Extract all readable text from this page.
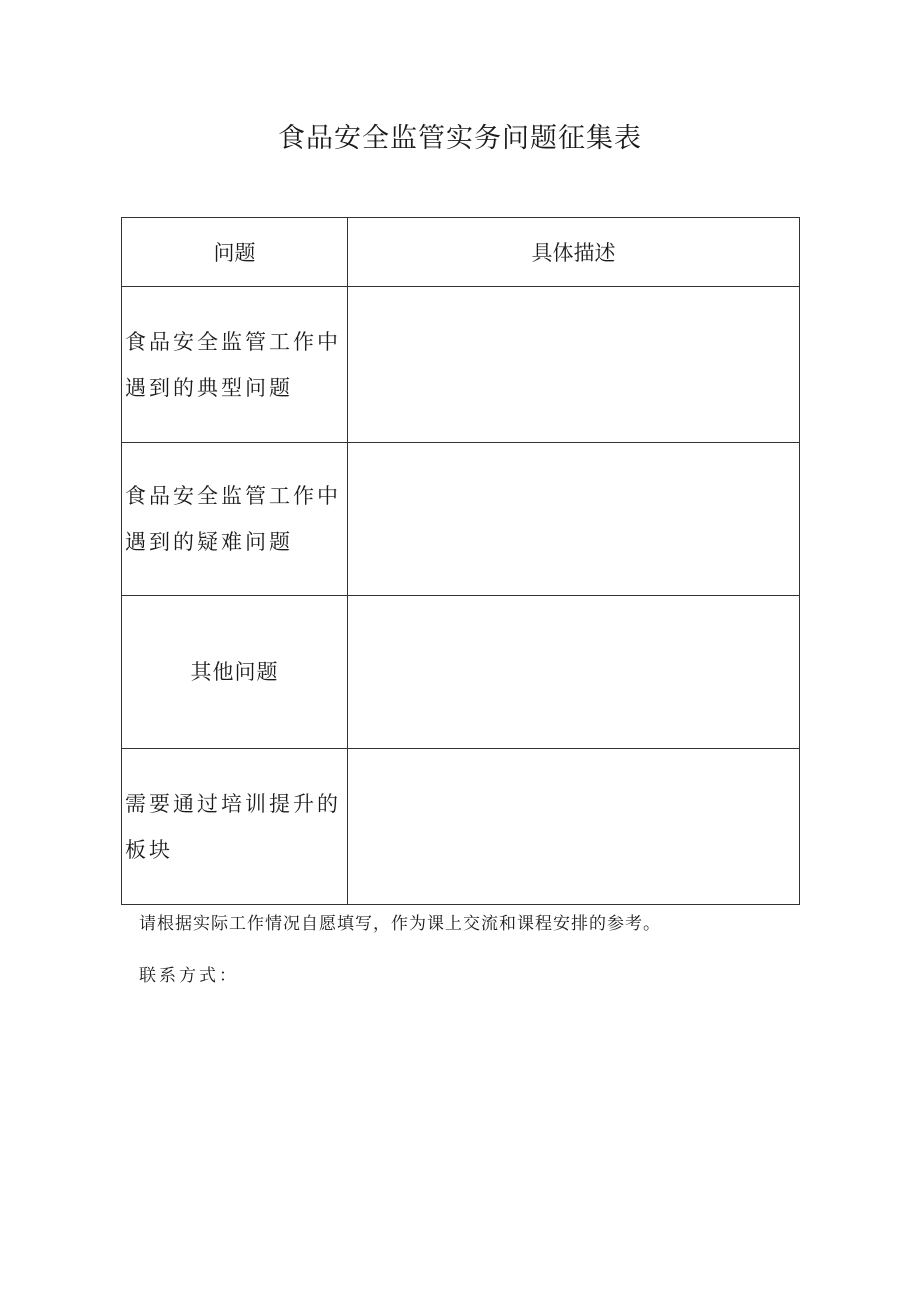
食品安全监管实务问题征集表
问题	具体描述
食品安全监管工作中遇到的典型问题	
食品安全监管工作中遇到的疑难问题	
其他问题	
需要通过培训提升的板块	

请根据实际工作情况自愿填写，作为课上交流和课程安排的参考。

联系方式：
